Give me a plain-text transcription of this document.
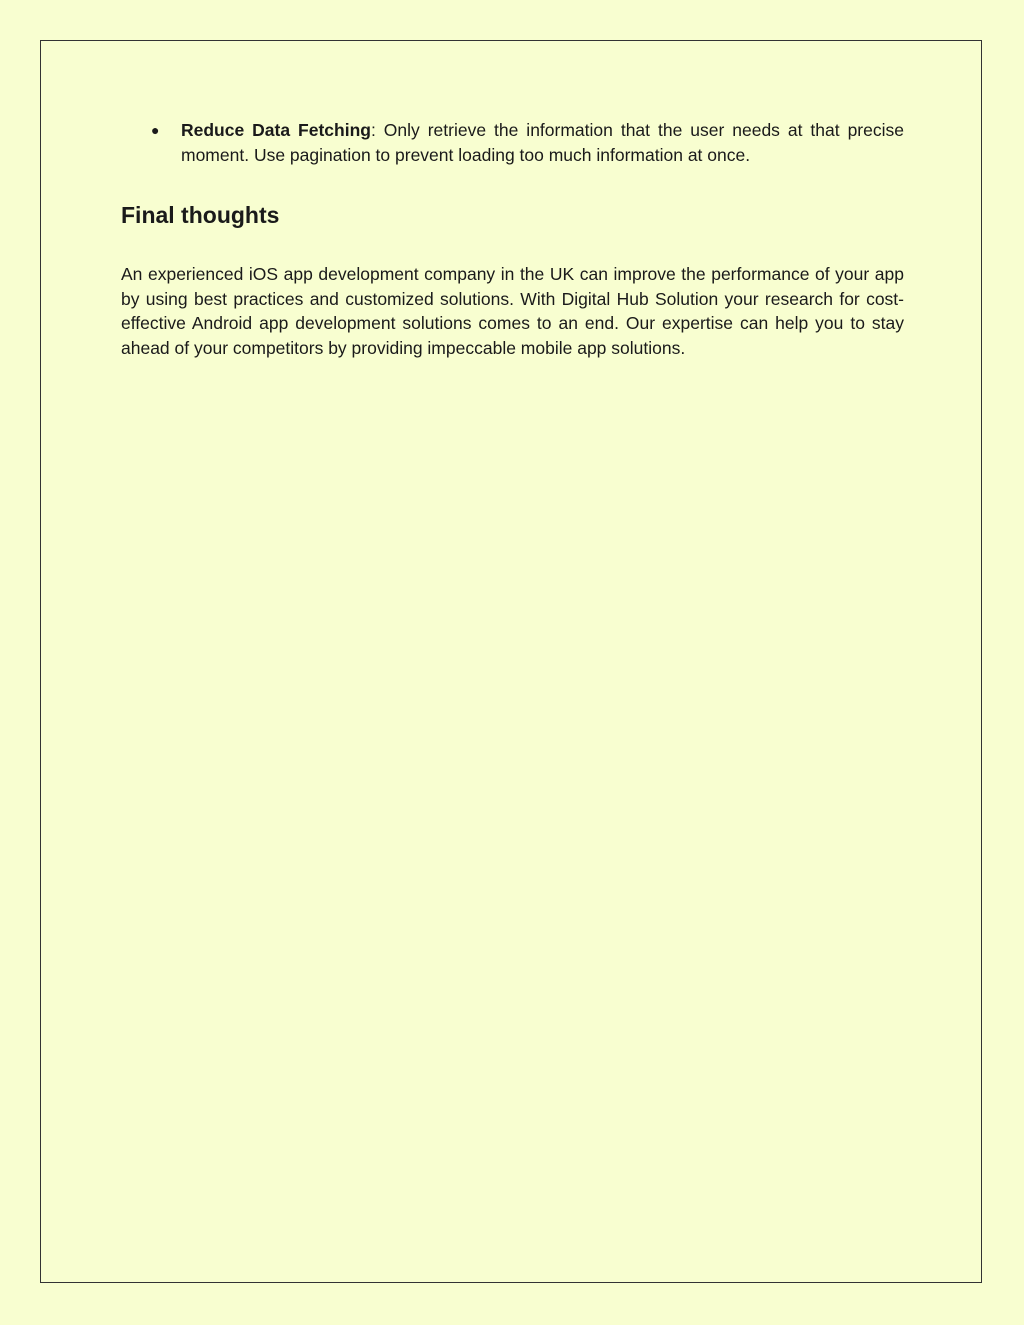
● Reduce Data Fetching: Only retrieve the information that the user needs at that precise moment. Use pagination to prevent loading too much information at once.
Final thoughts

An experienced iOS app development company in the UK can improve the performance of your app by using best practices and customized solutions. With Digital Hub Solution your research for cost-effective Android app development solutions comes to an end. Our expertise can help you to stay ahead of your competitors by providing impeccable mobile app solutions.
